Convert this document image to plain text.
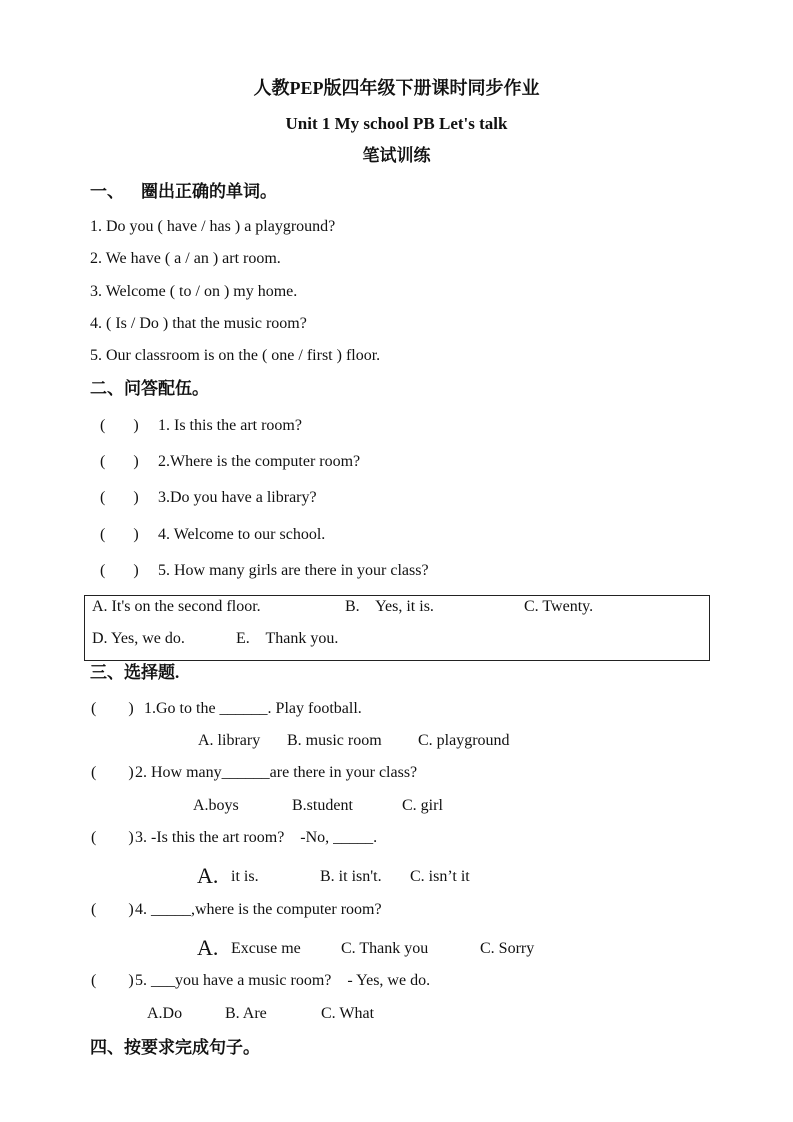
人教PEP版四年级下册课时同步作业
Unit 1 My school PB Let's talk
笔试训练
一、    圈出正确的单词。
1. Do you ( have / has ) a playground?
2. We have ( a / an ) art room.
3. Welcome ( to / on ) my home.
4. ( Is / Do ) that the music room?
5. Our classroom is on the ( one / first ) floor.
二、问答配伍。
(       ) 1. Is this the art room?
(       ) 2.Where is the computer room?
(       ) 3.Do you have a library?
(       ) 4. Welcome to our school.
(       ) 5. How many girls are there in your class?
A. It's on the second floor.	B.    Yes, it is.	C. Twenty.
D. Yes, we do.	E.    Thank you.
三、选择题.
(        ) 1.Go to the ______. Play football.
A. library B. music room C. playground
(        ) 2. How many______are there in your class?
A.boys	B.student	C. girl
(        ) 3. -Is this the art room?    -No, _____.
A. it is.	B. it isn't. C. isn’t it
(        ) 4. _____,where is the computer room?
A. Excuse me	C. Thank you	C. Sorry
(        ) 5. ___you have a music room?    - Yes, we do.
A.Do	B. Are	C. What
四、按要求完成句子。
